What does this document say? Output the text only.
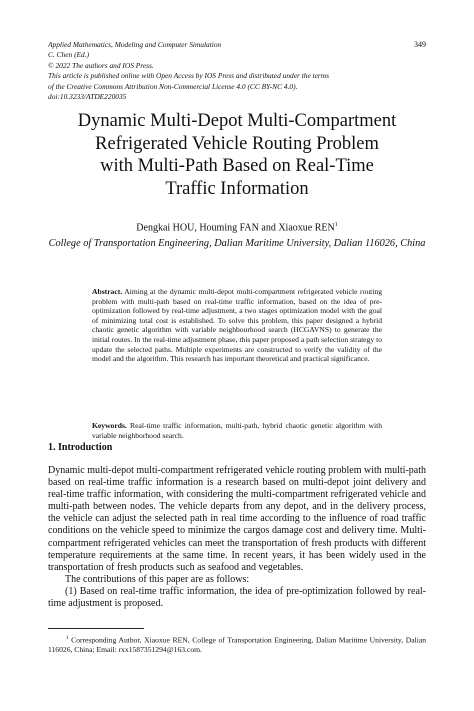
Applied Mathematics, Modeling and Computer Simulation
C. Chen (Ed.)
© 2022 The authors and IOS Press.
This article is published online with Open Access by IOS Press and distributed under the terms
of the Creative Commons Attribution Non-Commercial License 4.0 (CC BY-NC 4.0).
doi:10.3233/ATDE220035
349
Dynamic Multi-Depot Multi-Compartment
Refrigerated Vehicle Routing Problem
with Multi-Path Based on Real-Time
Traffic Information
Dengkai HOU, Houming FAN and Xiaoxue REN$^1$
College of Transportation Engineering, Dalian Maritime University, Dalian 116026, China
Abstract. Aiming at the dynamic multi-depot multi-compartment refrigerated vehicle routing problem with multi-path based on real-time traffic information, based on the idea of pre-optimization followed by real-time adjustment, a two stages optimization model with the goal of minimizing total cost is established. To solve this problem, this paper designed a hybrid chaotic genetic algorithm with variable neighbourhood search (HCGAVNS) to generate the initial routes. In the real-time adjustment phase, this paper proposed a path selection strategy to update the selected paths. Multiple experiments are constructed to verify the validity of the model and the algorithm. This research has important theoretical and practical significance.
Keywords. Real-time traffic information, multi-path, hybrid chaotic genetic algorithm with variable neighborhood search.
1. Introduction

Dynamic multi-depot multi-compartment refrigerated vehicle routing problem with multi-path based on real-time traffic information is a research based on multi-depot joint delivery and real-time traffic information, with considering the multi-compartment refrigerated vehicle and multi-path between nodes. The vehicle departs from any depot, and in the delivery process, the vehicle can adjust the selected path in real time according to the influence of road traffic conditions on the vehicle speed to minimize the cargos damage cost and delivery time. Multi-compartment refrigerated vehicles can meet the transportation of fresh products with different temperature requirements at the same time. In recent years, it has been widely used in the transportation of fresh products such as seafood and vegetables.

The contributions of this paper are as follows:

(1) Based on real-time traffic information, the idea of pre-optimization followed by real-time adjustment is proposed.

$^1$ Corresponding Author, Xiaoxue REN, College of Transportation Engineering, Dalian Maritime University, Dalian 116026, China; Email: rxx1587351294@163.com.
